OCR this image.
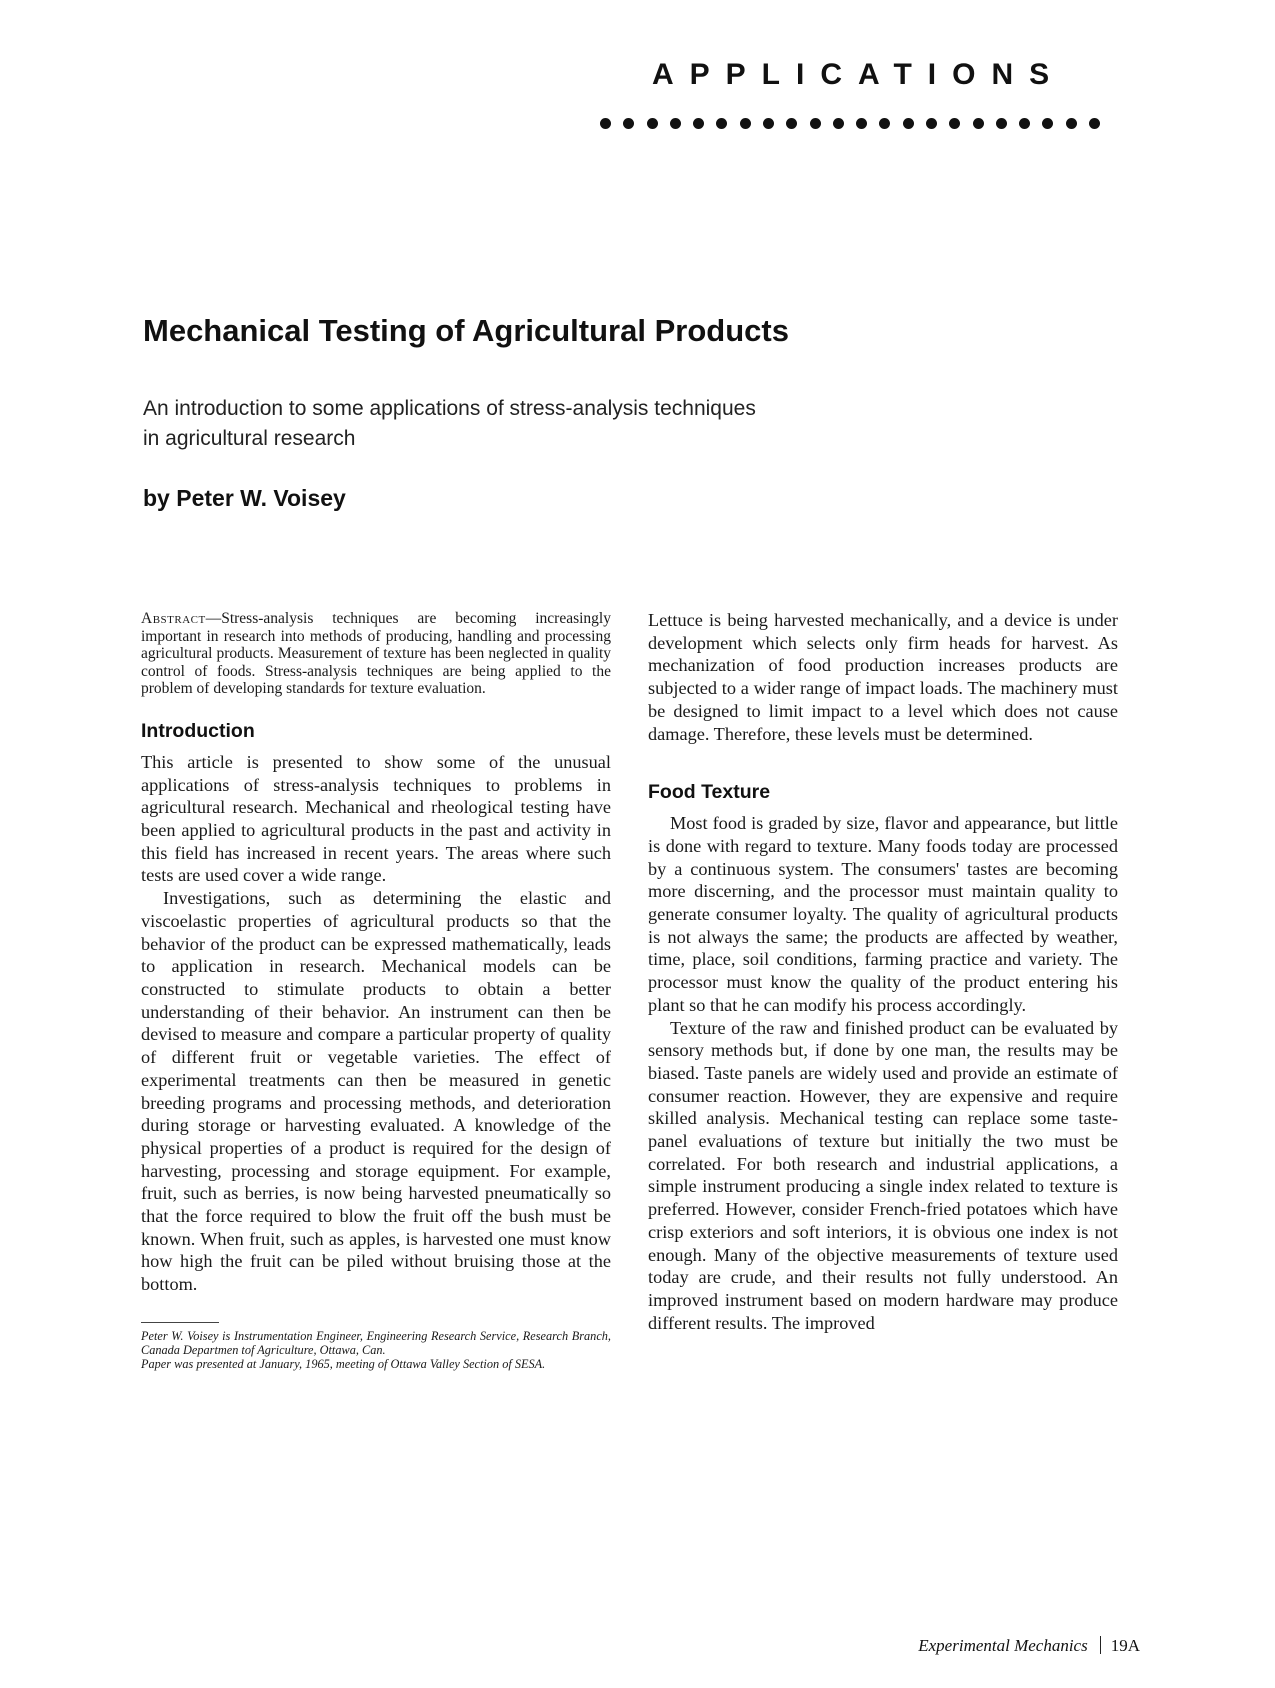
APPLICATIONS
Mechanical Testing of Agricultural Products

An introduction to some applications of stress-analysis techniques in agricultural research

by Peter W. Voisey

Abstract—Stress-analysis techniques are becoming increasingly important in research into methods of producing, handling and processing agricultural products. Measurement of texture has been neglected in quality control of foods. Stress-analysis techniques are being applied to the problem of developing standards for texture evaluation.

Introduction

This article is presented to show some of the unusual applications of stress-analysis techniques to problems in agricultural research. Mechanical and rheological testing have been applied to agricultural products in the past and activity in this field has increased in recent years. The areas where such tests are used cover a wide range.

Investigations, such as determining the elastic and viscoelastic properties of agricultural products so that the behavior of the product can be expressed mathematically, leads to application in research. Mechanical models can be constructed to stimulate products to obtain a better understanding of their behavior. An instrument can then be devised to measure and compare a particular property of quality of different fruit or vegetable varieties. The effect of experimental treatments can then be measured in genetic breeding programs and processing methods, and deterioration during storage or harvesting evaluated. A knowledge of the physical properties of a product is required for the design of harvesting, processing and storage equipment. For example, fruit, such as berries, is now being harvested pneumatically so that the force required to blow the fruit off the bush must be known. When fruit, such as apples, is harvested one must know how high the fruit can be piled without bruising those at the bottom.

Peter W. Voisey is Instrumentation Engineer, Engineering Research Service, Research Branch, Canada Departmen tof Agriculture, Ottawa, Can.

Paper was presented at January, 1965, meeting of Ottawa Valley Section of SESA.

Lettuce is being harvested mechanically, and a device is under development which selects only firm heads for harvest. As mechanization of food production increases products are subjected to a wider range of impact loads. The machinery must be designed to limit impact to a level which does not cause damage. Therefore, these levels must be determined.

Food Texture

Most food is graded by size, flavor and appearance, but little is done with regard to texture. Many foods today are processed by a continuous system. The consumers' tastes are becoming more discerning, and the processor must maintain quality to generate consumer loyalty. The quality of agricultural products is not always the same; the products are affected by weather, time, place, soil conditions, farming practice and variety. The processor must know the quality of the product entering his plant so that he can modify his process accordingly.

Texture of the raw and finished product can be evaluated by sensory methods but, if done by one man, the results may be biased. Taste panels are widely used and provide an estimate of consumer reaction. However, they are expensive and require skilled analysis. Mechanical testing can replace some taste-panel evaluations of texture but initially the two must be correlated. For both research and industrial applications, a simple instrument producing a single index related to texture is preferred. However, consider French-fried potatoes which have crisp exteriors and soft interiors, it is obvious one index is not enough. Many of the objective measurements of texture used today are crude, and their results not fully understood. An improved instrument based on modern hardware may produce different results. The improved

Experimental Mechanics 19A
